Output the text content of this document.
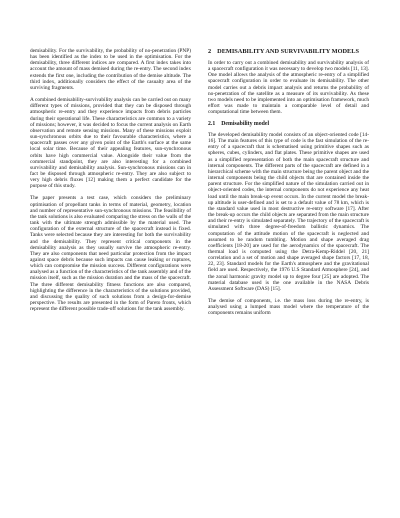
demisability. For the survivability, the probability of no-penetration (PNP) has been identified as the index to be used in the optimisation. For the demisability, three different indices are compared. A first index takes into account the amount of mass demised during the re-entry. The second index extends the first one, including the contribution of the demise altitude. The third index, additionally considers the effect of the casualty area of the surviving fragments.

A combined demisability-survivability analysis can be carried out on many different types of missions, provided that they can be disposed through atmospheric re-entry and they experience impacts from debris particles during their operational life. These characteristics are common to a variety of missions; however, it was decided to focus the current analysis on Earth observation and remote sensing missions. Many of these missions exploit sun-synchronous orbits due to their favourable characteristics, where a spacecraft passes over any given point of the Earth's surface at the same local solar time. Because of their appealing features, sun-synchronous orbits have high commercial value. Alongside their value from the commercial standpoint, they are also interesting for a combined survivability and demisability analysis. Sun-synchronous missions can in fact be disposed through atmospheric re-entry. They are also subject to very high debris fluxes [12] making them a perfect candidate for the purpose of this study.

The paper presents a test case, which considers the preliminary optimisation of propellant tanks in terms of material, geometry, location and number of representative sun-synchronous missions. The feasibility of the tank solutions is also evaluated comparing the stress on the walls of the tank with the ultimate strength admissible by the material used. The configuration of the external structure of the spacecraft instead is fixed. Tanks were selected because they are interesting for both the survivability and the demisability. They represent critical components in the demisability analysis as they usually survive the atmospheric re-entry. They are also components that need particular protection from the impact against space debris because such impacts can cause leaking or ruptures, which can compromise the mission success. Different configurations were analysed as a function of the characteristics of the tank assembly and of the mission itself, such as the mission duration and the mass of the spacecraft. The three different demisability fitness functions are also compared, highlighting the difference in the characteristics of the solutions provided, and discussing the quality of such solutions from a design-for-demise perspective. The results are presented in the form of Pareto fronts, which represent the different possible trade-off solutions for the tank assembly.

2 DEMISABILITY AND SURVIVABILITY MODELS

In order to carry out a combined demisability and survivability analysis of a spacecraft configuration it was necessary to develop two models [11, 13]. One model allows the analysis of the atmospheric re-entry of a simplified spacecraft configuration in order to evaluate its demisability. The other model carries out a debris impact analysis and returns the probability of no-penetration of the satellite as a measure of its survivability. As these two models need to be implemented into an optimisation framework, much effort was made to maintain a comparable level of detail and computational time between them.

2.1 Demisability model

The developed demisability model consists of an object-oriented code [14-16]. The main features of this type of code is the fast simulation of the re-entry of a spacecraft that is schematised using primitive shapes such as spheres, cubes, cylinders, and flat plates. These primitive shapes are used as a simplified representation of both the main spacecraft structure and internal components. The different parts of the spacecraft are defined in a hierarchical scheme with the main structure being the parent object and the internal components being the child objects that are contained inside the parent structure. For the simplified nature of the simulation carried out in object-oriented codes, the internal components do not experience any heat load until the main break-up event occurs. In the current model the break-up altitude is user-defined and is set to a default value of 78 km, which is the standard value used in most destructive re-entry software [17]. After the break-up occurs the child objects are separated from the main structure and their re-entry is simulated separately. The trajectory of the spacecraft is simulated with three degree-of-freedom ballistic dynamics. The computation of the attitude motion of the spacecraft is neglected and assumed to be random tumbling. Motion and shape averaged drag coefficients [18-20] are used for the aerodynamics of the spacecraft. The thermal load is computed using the Detra-Kemp-Riddel [20, 21] correlation and a set of motion and shape averaged shape factors [17, 18, 22, 23]. Standard models for the Earth's atmosphere and the gravitational field are used. Respectively, the 1976 U.S Standard Atmosphere [24], and the zonal harmonic gravity model up to degree four [25] are adopted. The material database used is the one available in the NASA Debris Assessment Software (DAS) [15].

The demise of components, i.e. the mass loss during the re-entry, is analysed using a lumped mass model where the temperature of the components remains uniform
